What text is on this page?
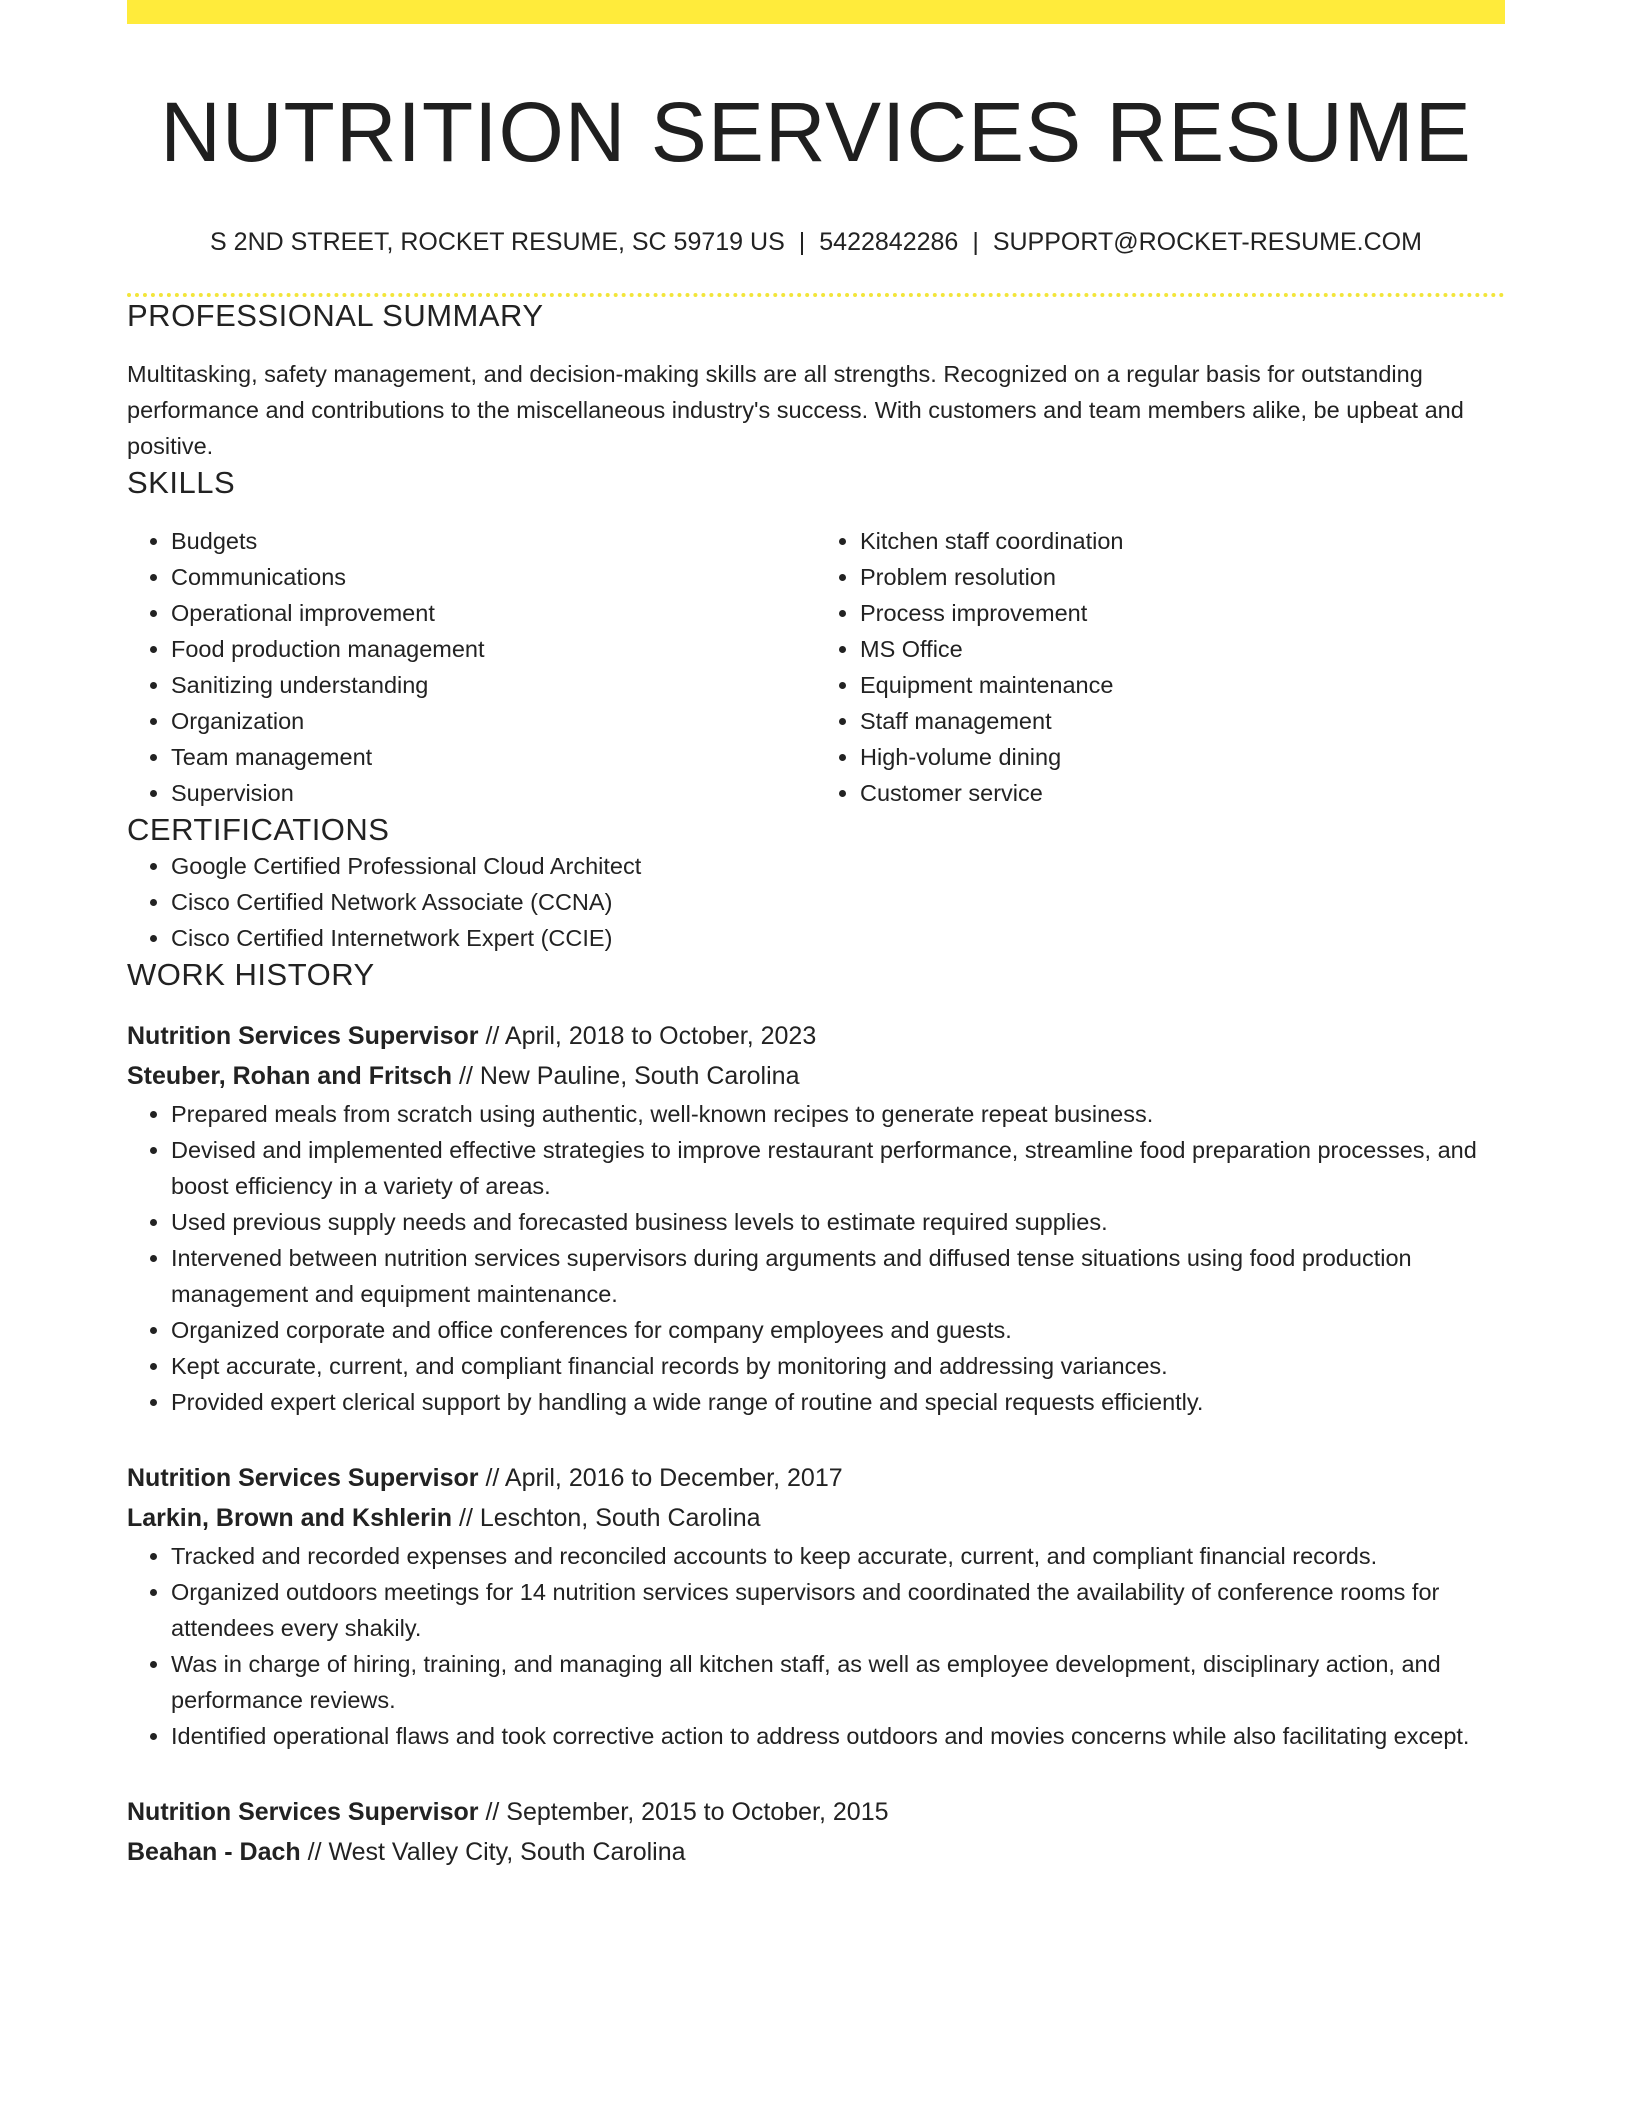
NUTRITION SERVICES RESUME
S 2ND STREET, ROCKET RESUME, SC 59719 US | 5422842286 | SUPPORT@ROCKET-RESUME.COM
PROFESSIONAL SUMMARY

Multitasking, safety management, and decision-making skills are all strengths. Recognized on a regular basis for outstanding performance and contributions to the miscellaneous industry's success. With customers and team members alike, be upbeat and positive.

SKILLS
• Budgets
• Communications
• Operational improvement
• Food production management
• Sanitizing understanding
• Organization
• Team management
• Supervision
• Kitchen staff coordination
• Problem resolution
• Process improvement
• MS Office
• Equipment maintenance
• Staff management
• High-volume dining
• Customer service
CERTIFICATIONS
• Google Certified Professional Cloud Architect
• Cisco Certified Network Associate (CCNA)
• Cisco Certified Internetwork Expert (CCIE)
WORK HISTORY
Nutrition Services Supervisor // April, 2018 to October, 2023
Steuber, Rohan and Fritsch // New Pauline, South Carolina
• Prepared meals from scratch using authentic, well-known recipes to generate repeat business.
• Devised and implemented effective strategies to improve restaurant performance, streamline food preparation processes, and boost efficiency in a variety of areas.
• Used previous supply needs and forecasted business levels to estimate required supplies.
• Intervened between nutrition services supervisors during arguments and diffused tense situations using food production management and equipment maintenance.
• Organized corporate and office conferences for company employees and guests.
• Kept accurate, current, and compliant financial records by monitoring and addressing variances.
• Provided expert clerical support by handling a wide range of routine and special requests efficiently.
Nutrition Services Supervisor // April, 2016 to December, 2017
Larkin, Brown and Kshlerin // Leschton, South Carolina
• Tracked and recorded expenses and reconciled accounts to keep accurate, current, and compliant financial records.
• Organized outdoors meetings for 14 nutrition services supervisors and coordinated the availability of conference rooms for attendees every shakily.
• Was in charge of hiring, training, and managing all kitchen staff, as well as employee development, disciplinary action, and performance reviews.
• Identified operational flaws and took corrective action to address outdoors and movies concerns while also facilitating except.
Nutrition Services Supervisor // September, 2015 to October, 2015
Beahan - Dach // West Valley City, South Carolina
